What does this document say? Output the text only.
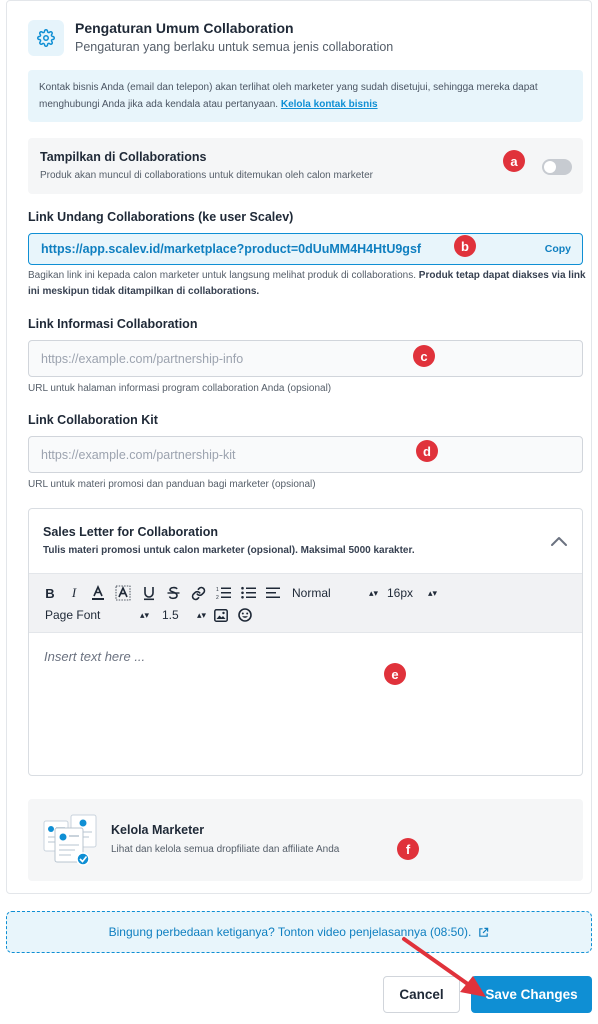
Pengaturan Umum Collaboration
Pengaturan yang berlaku untuk semua jenis collaboration
Kontak bisnis Anda (email dan telepon) akan terlihat oleh marketer yang sudah disetujui, sehingga mereka dapat menghubungi Anda jika ada kendala atau pertanyaan. Kelola kontak bisnis
Tampilkan di Collaborations
Produk akan muncul di collaborations untuk ditemukan oleh calon marketer
Link Undang Collaborations (ke user Scalev)
https://app.scalev.id/marketplace?product=0dUuMM4H4HtU9gsf	Copy
Bagikan link ini kepada calon marketer untuk langsung melihat produk di collaborations. Produk tetap dapat diakses via link ini meskipun tidak ditampilkan di collaborations.
Link Informasi Collaboration
https://example.com/partnership-info
URL untuk halaman informasi program collaboration Anda (opsional)
Link Collaboration Kit
https://example.com/partnership-kit
URL untuk materi promosi dan panduan bagi marketer (opsional)
Sales Letter for Collaboration
Tulis materi promosi untuk calon marketer (opsional). Maksimal 5000 karakter.
B	I	1
2	Normal	▴▾ 16px ▴▾
Page Font	▴▾ 1.5 ▴▾
Insert text here ...
Kelola Marketer
Lihat dan kelola semua dropfiliate dan affiliate Anda
Bingung perbedaan ketiganya? Tonton video penjelasannya (08:50).
Cancel	Save Changes
a
b
c
d
e
f
